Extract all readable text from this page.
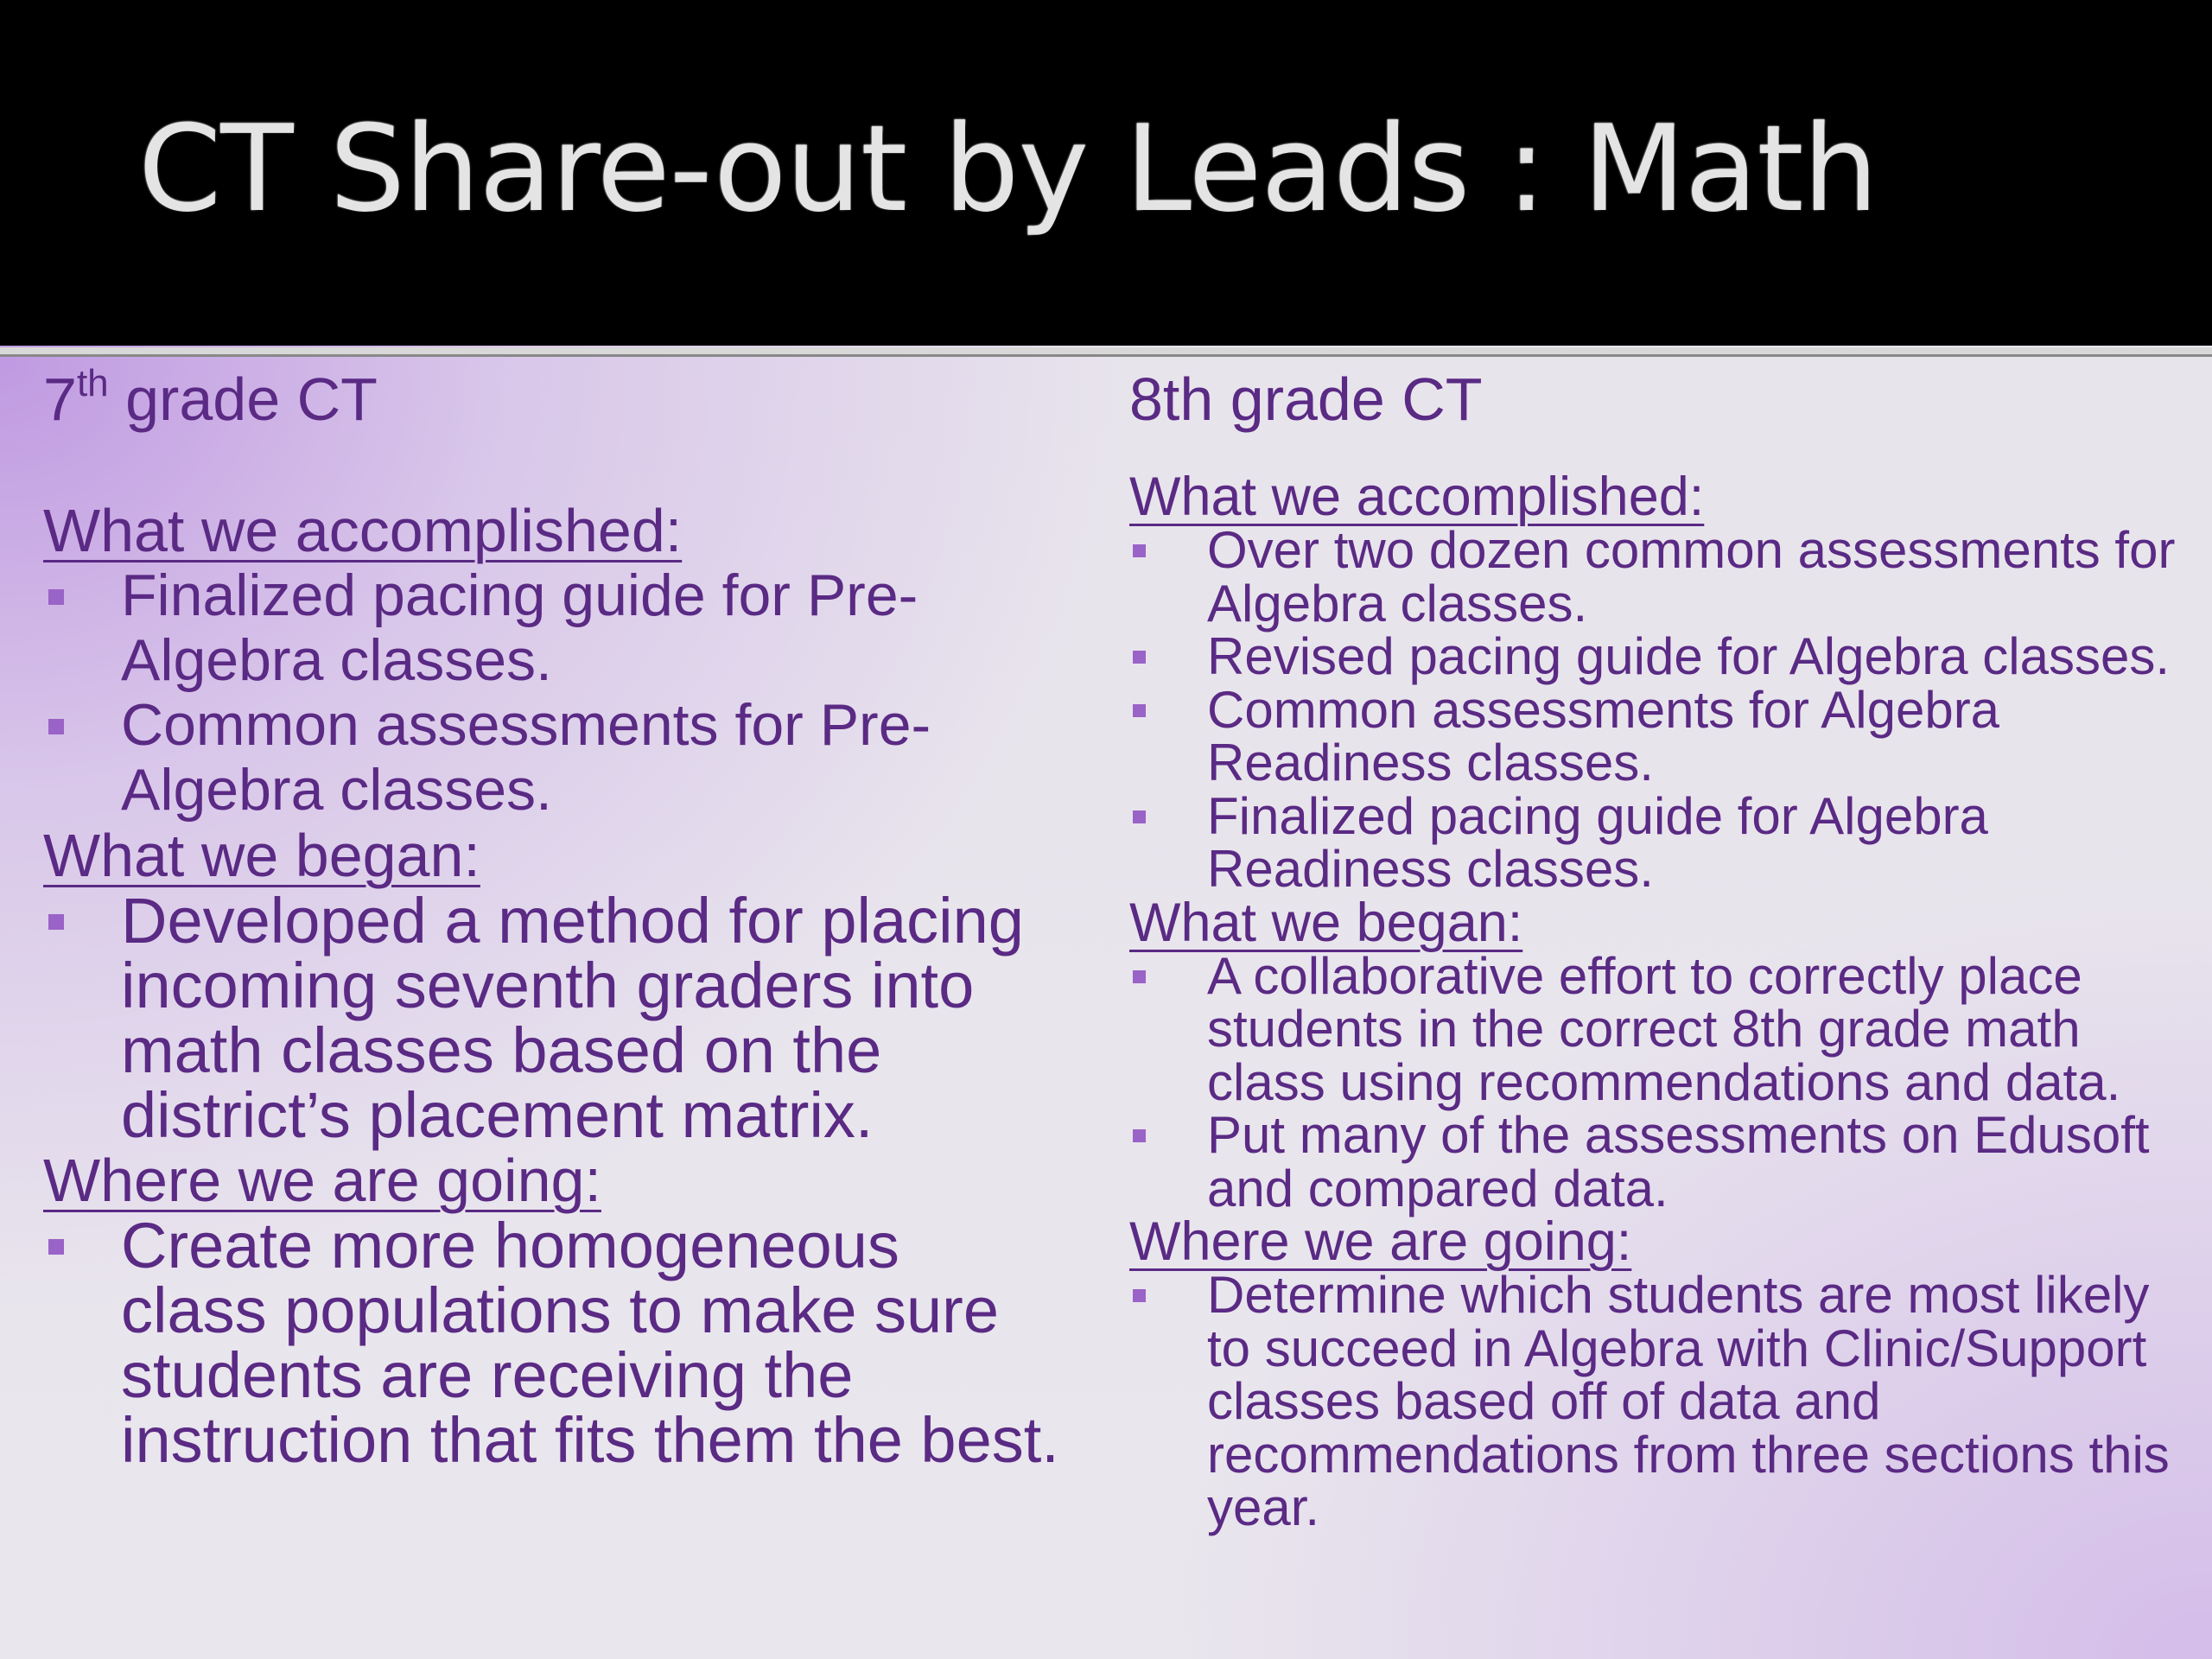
CT Share-out by Leads : Math

7th grade CT

What we accomplished:

Finalized pacing guide for Pre-Algebra classes.
Common assessments for Pre-Algebra classes.

What we began:

Developed a method for placing incoming seventh graders into math classes based on the district’s placement matrix.

Where we are going:

Create more homogeneous class populations to make sure students are receiving the instruction that fits them the best.

8th grade CT

What we accomplished:

Over two dozen common assessments for Algebra classes.
Revised pacing guide for Algebra classes.
Common assessments for Algebra Readiness classes.
Finalized pacing guide for Algebra Readiness classes.

What we began:

A collaborative effort to correctly place students in the correct 8th grade math class using recommendations and data.
Put many of the assessments on Edusoft and compared data.

Where we are going:

Determine which students are most likely to succeed in Algebra with Clinic/Support classes based off of data and recommendations from three sections this year.
